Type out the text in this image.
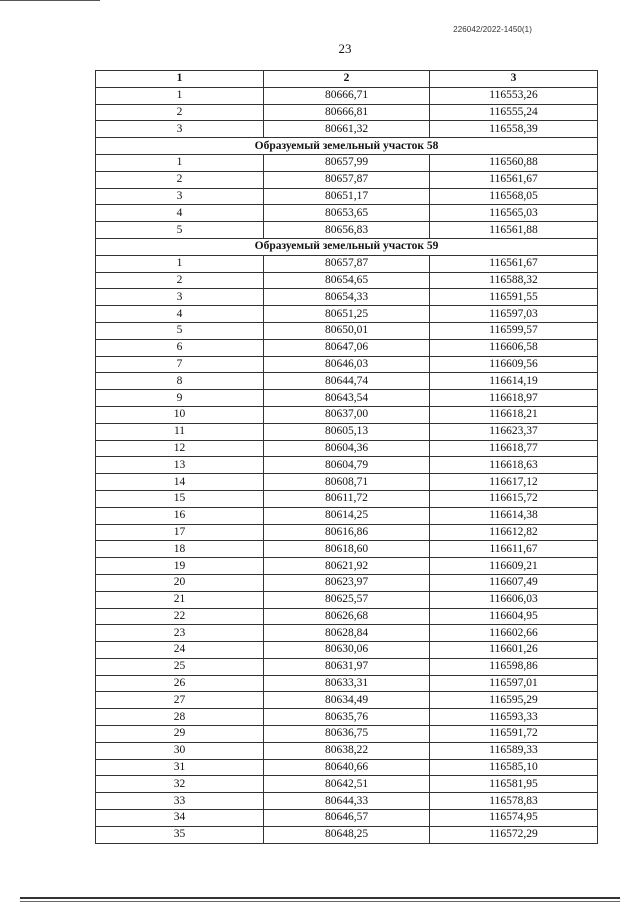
226042/2022-1450(1)
23
1	2	3
1	80666,71	116553,26
2	80666,81	116555,24
3	80661,32	116558,39
Образуемый земельный участок 58		
1	80657,99	116560,88
2	80657,87	116561,67
3	80651,17	116568,05
4	80653,65	116565,03
5	80656,83	116561,88
Образуемый земельный участок 59		
1	80657,87	116561,67
2	80654,65	116588,32
3	80654,33	116591,55
4	80651,25	116597,03
5	80650,01	116599,57
6	80647,06	116606,58
7	80646,03	116609,56
8	80644,74	116614,19
9	80643,54	116618,97
10	80637,00	116618,21
11	80605,13	116623,37
12	80604,36	116618,77
13	80604,79	116618,63
14	80608,71	116617,12
15	80611,72	116615,72
16	80614,25	116614,38
17	80616,86	116612,82
18	80618,60	116611,67
19	80621,92	116609,21
20	80623,97	116607,49
21	80625,57	116606,03
22	80626,68	116604,95
23	80628,84	116602,66
24	80630,06	116601,26
25	80631,97	116598,86
26	80633,31	116597,01
27	80634,49	116595,29
28	80635,76	116593,33
29	80636,75	116591,72
30	80638,22	116589,33
31	80640,66	116585,10
32	80642,51	116581,95
33	80644,33	116578,83
34	80646,57	116574,95
35	80648,25	116572,29
